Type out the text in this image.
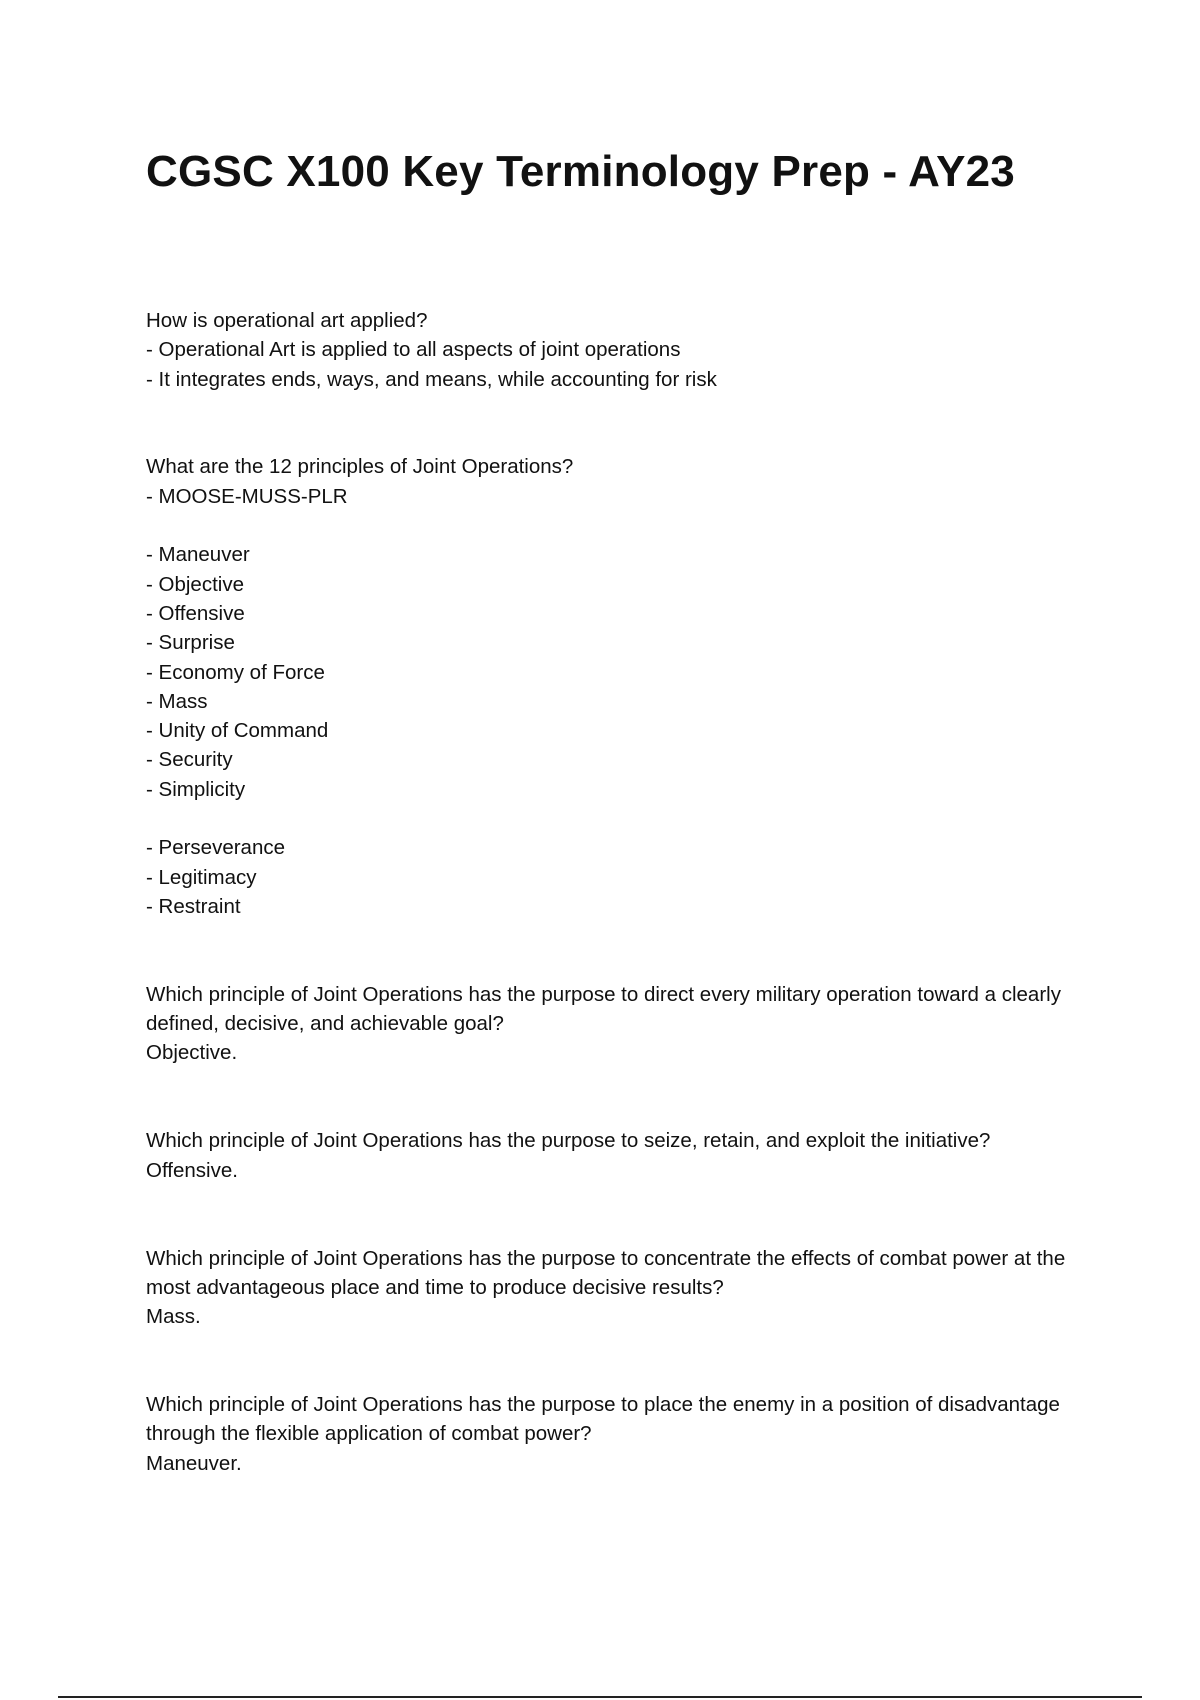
CGSC X100 Key Terminology Prep - AY23
How is operational art applied?
- Operational Art is applied to all aspects of joint operations
- It integrates ends, ways, and means, while accounting for risk
What are the 12 principles of Joint Operations?
- MOOSE-MUSS-PLR
- Maneuver
- Objective
- Offensive
- Surprise
- Economy of Force
- Mass
- Unity of Command
- Security
- Simplicity
- Perseverance
- Legitimacy
- Restraint
Which principle of Joint Operations has the purpose to direct every military operation toward a clearly defined, decisive, and achievable goal?
Objective.
Which principle of Joint Operations has the purpose to seize, retain, and exploit the initiative?
Offensive.
Which principle of Joint Operations has the purpose to concentrate the effects of combat power at the most advantageous place and time to produce decisive results?
Mass.
Which principle of Joint Operations has the purpose to place the enemy in a position of disadvantage through the flexible application of combat power?
Maneuver.
